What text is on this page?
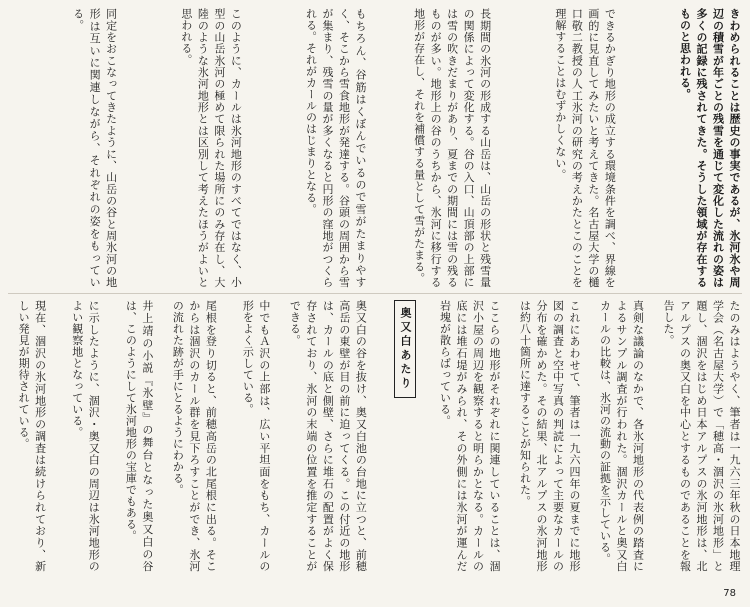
きわめられることは歴史の事実であるが、氷河氷や周辺の積雪が年ごとの残雪を通じて変化した流れの姿は多くの記録に残されてきた。そうした領域が存在するものと思われる。
できるかぎり地形の成立する環境条件を調べ、界線を画的に見直してみたいと考えてきた。名古屋大学の樋口敬二教授の人工氷河の研究の考えかたとこのことを理解することはむずかしくない。
長期間の氷河の形成する山岳は、山岳の形状と残雪量の関係によって変化する。谷の入口、山頂部の上部には雪の吹きだまりがあり、夏までの期間には雪の残るものが多い。地形上の谷のうちから、氷河に移行する地形が存在し、それを補償する量として雪がたまる。
もちろん、谷筋はくぼんでいるので雪がたまりやすく、そこから雪食地形が発達する。谷頭の周囲から雪が集まり、残雪の量が多くなると円形の窪地がつくられる。それがカールのはじまりとなる。
このように、カールは氷河地形のすべてではなく、小型の山岳氷河の極めて限られた場所にのみ存在し、大陸のような氷河地形とは区別して考えたほうがよいと思われる。
同定をおこなってきたように、山岳の谷と周氷河の地形は互いに関連しながら、それぞれの姿をもっている。
たのみはようやく、筆者は一九六三年秋の日本地理学会（名古屋大学）で「穂高・涸沢の氷河地形」と題し、涸沢をはじめ日本アルプスの氷河地形は、北アルプスの奥又白を中心とするものであることを報告した。
真剣な議論のなかで、各氷河地形の代表例の踏査によるサンプル調査が行われた。涸沢カールと奥又白カールの比較は、氷河の流動の証拠を示している。
これにあわせて、筆者は一九六四年の夏までに地形図の調査と空中写真の判読によって主要なカールの分布を確かめた。その結果、北アルプスの氷河地形は約八十箇所に達することが知られた。
ここらの地形がそれぞれに関連していることは、涸沢小屋の周辺を観察すると明らかとなる。カールの底には堆石堤がみられ、その外側には氷河が運んだ岩塊が散らばっている。
奥又白あたり
奥又白の谷を抜け、奥又白池の台地に立つと、前穂高岳の東壁が目の前に迫ってくる。この付近の地形は、カールの底と側壁、さらに堆石の配置がよく保存されており、氷河の末端の位置を推定することができる。
中でもＡ沢の上部は、広い平坦面をもち、カールの形をよく示している。
尾根を登り切ると、前穂高岳の北尾根に出る。そこからは涸沢のカール群を見下ろすことができ、氷河の流れた跡が手にとるようにわかる。
井上靖の小説『氷壁』の舞台となった奥又白の谷は、このようにして氷河地形の宝庫でもある。
に示したように、涸沢・奥又白の周辺は氷河地形のよい観察地となっている。
現在、涸沢の氷河地形の調査は続けられており、新しい発見が期待されている。
78
